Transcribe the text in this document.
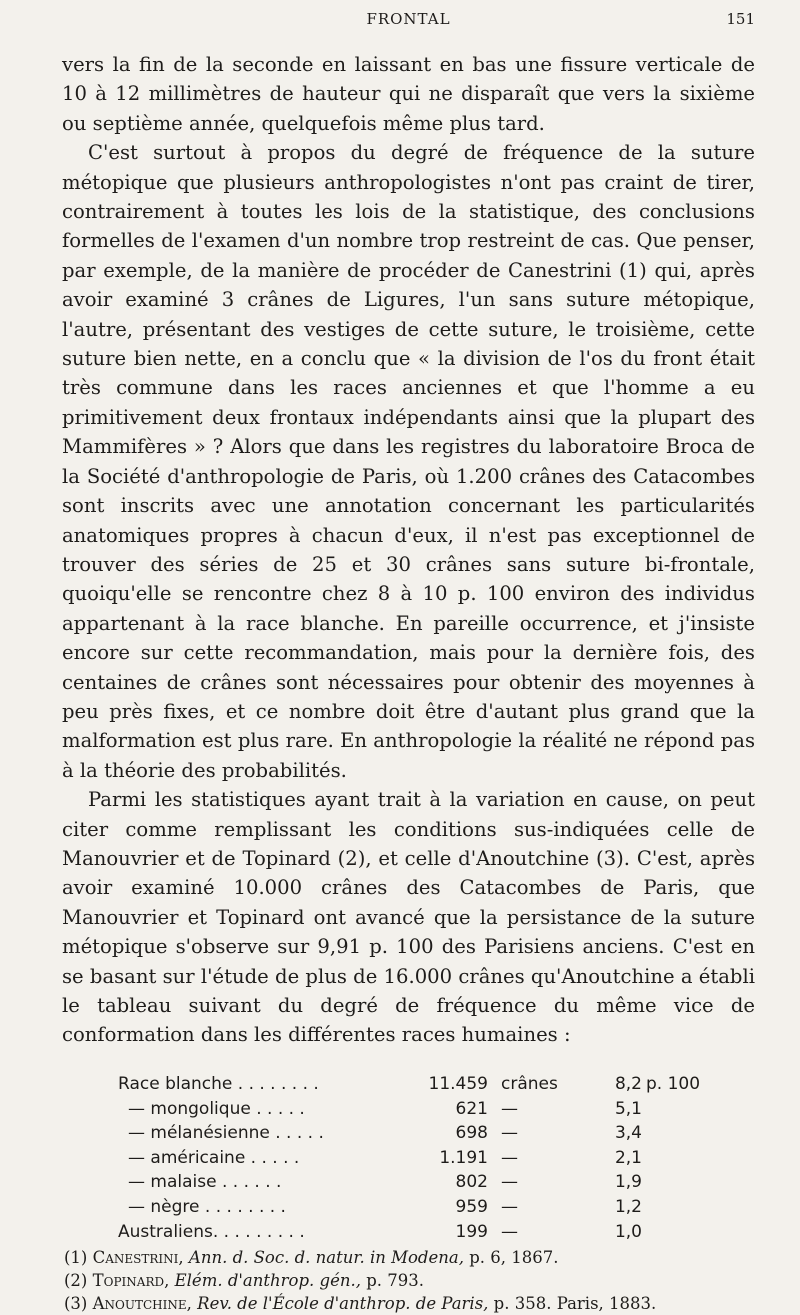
FRONTAL	151

vers la fin de la seconde en laissant en bas une fissure verticale de 10 à 12 millimètres de hauteur qui ne disparaît que vers la sixième ou septième année, quelquefois même plus tard.

C'est surtout à propos du degré de fréquence de la suture métopique que plusieurs anthropologistes n'ont pas craint de tirer, contrairement à toutes les lois de la statistique, des conclusions formelles de l'examen d'un nombre trop restreint de cas. Que penser, par exemple, de la manière de procéder de Canestrini (1) qui, après avoir examiné 3 crânes de Ligures, l'un sans suture métopique, l'autre, présentant des vestiges de cette suture, le troisième, cette suture bien nette, en a conclu que « la division de l'os du front était très commune dans les races anciennes et que l'homme a eu primitivement deux frontaux indépendants ainsi que la plupart des Mammifères » ? Alors que dans les registres du laboratoire Broca de la Société d'anthropologie de Paris, où 1.200 crânes des Catacombes sont inscrits avec une annotation concernant les particularités anatomiques propres à chacun d'eux, il n'est pas exceptionnel de trouver des séries de 25 et 30 crânes sans suture bi-frontale, quoiqu'elle se rencontre chez 8 à 10 p. 100 environ des individus appartenant à la race blanche. En pareille occurrence, et j'insiste encore sur cette recommandation, mais pour la dernière fois, des centaines de crânes sont nécessaires pour obtenir des moyennes à peu près fixes, et ce nombre doit être d'autant plus grand que la malformation est plus rare. En anthropologie la réalité ne répond pas à la théorie des probabilités.

Parmi les statistiques ayant trait à la variation en cause, on peut citer comme remplissant les conditions sus-indiquées celle de Manouvrier et de Topinard (2), et celle d'Anoutchine (3). C'est, après avoir examiné 10.000 crânes des Catacombes de Paris, que Manouvrier et Topinard ont avancé que la persistance de la suture métopique s'observe sur 9,91 p. 100 des Parisiens anciens. C'est en se basant sur l'étude de plus de 16.000 crânes qu'Anoutchine a établi le tableau suivant du degré de fréquence du même vice de conformation dans les différentes races humaines :

Race blanche . . . . . . . .	11.459 crânes	8,2 p. 100
— mongolique . . . . .	621 —	5,1
— mélanésienne . . . . .	698 —	3,4
— américaine . . . . .	1.191 —	2,1
— malaise . . . . . .	802 —	1,9
— nègre . . . . . . . .	959 —	1,2
Australiens. . . . . . . . .	199 —	1,0
(1) Canestrini, Ann. d. Soc. d. natur. in Modena, p. 6, 1867.
(2) Topinard, Elém. d'anthrop. gén., p. 793.
(3) Anoutchine, Rev. de l'École d'anthrop. de Paris, p. 358. Paris, 1883.
